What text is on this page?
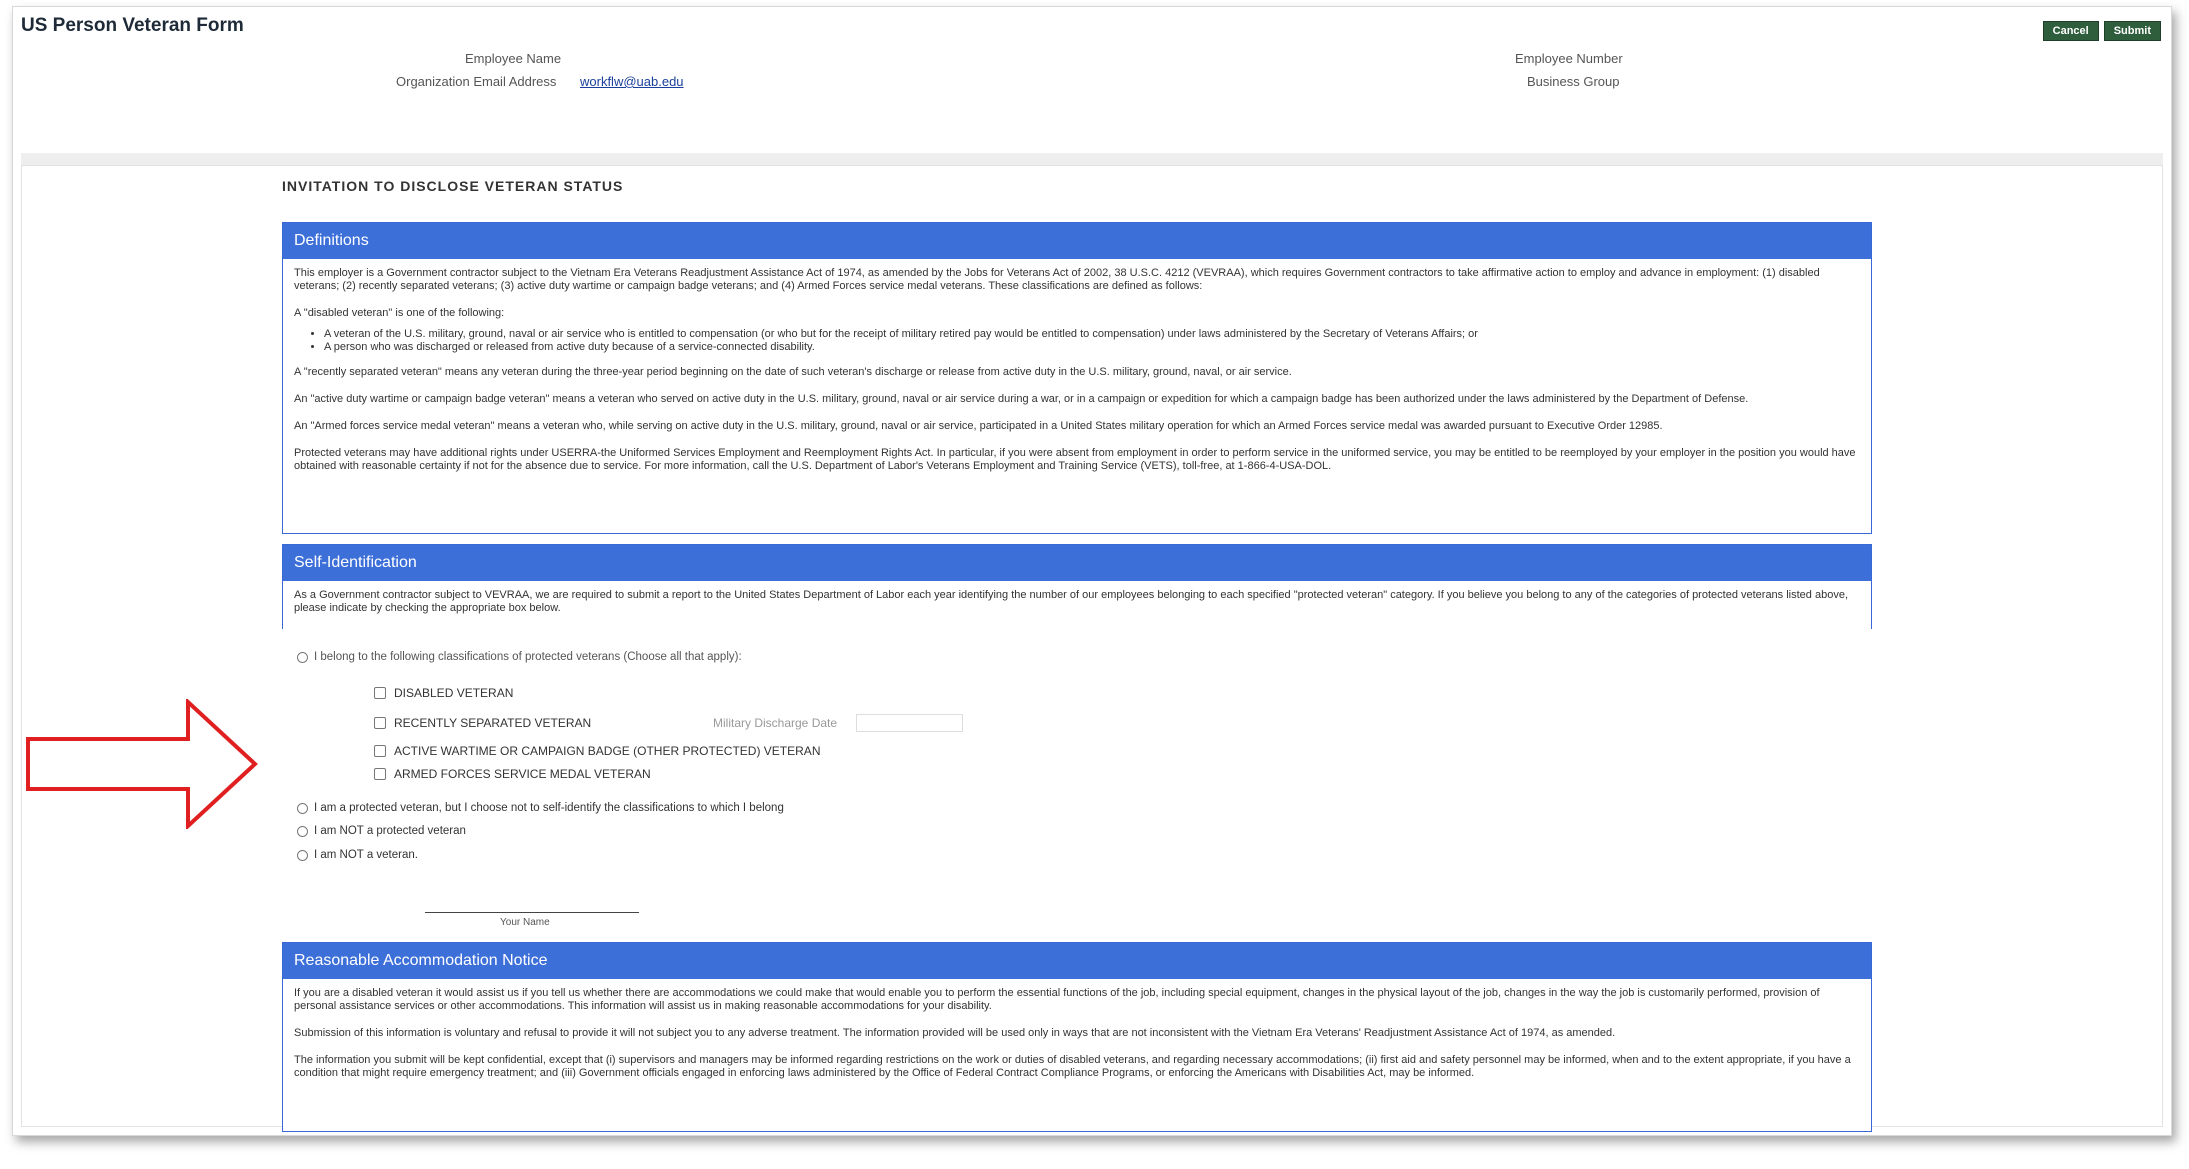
US Person Veteran Form	Cancel	Submit
Employee Name
Organization Email Address workflw@uab.edu
Employee Number
Business Group
INVITATION TO DISCLOSE VETERAN STATUS
Definitions

This employer is a Government contractor subject to the Vietnam Era Veterans Readjustment Assistance Act of 1974, as amended by the Jobs for Veterans Act of 2002, 38 U.S.C. 4212 (VEVRAA), which requires Government contractors to take affirmative action to employ and advance in employment: (1) disabled veterans; (2) recently separated veterans; (3) active duty wartime or campaign badge veterans; and (4) Armed Forces service medal veterans. These classifications are defined as follows:

A "disabled veteran" is one of the following:

• A veteran of the U.S. military, ground, naval or air service who is entitled to compensation (or who but for the receipt of military retired pay would be entitled to compensation) under laws administered by the Secretary of Veterans Affairs; or
• A person who was discharged or released from active duty because of a service-connected disability.

A "recently separated veteran" means any veteran during the three-year period beginning on the date of such veteran's discharge or release from active duty in the U.S. military, ground, naval, or air service.

An "active duty wartime or campaign badge veteran" means a veteran who served on active duty in the U.S. military, ground, naval or air service during a war, or in a campaign or expedition for which a campaign badge has been authorized under the laws administered by the Department of Defense.

An "Armed forces service medal veteran" means a veteran who, while serving on active duty in the U.S. military, ground, naval or air service, participated in a United States military operation for which an Armed Forces service medal was awarded pursuant to Executive Order 12985.

Protected veterans may have additional rights under USERRA-the Uniformed Services Employment and Reemployment Rights Act. In particular, if you were absent from employment in order to perform service in the uniformed service, you may be entitled to be reemployed by your employer in the position you would have obtained with reasonable certainty if not for the absence due to service. For more information, call the U.S. Department of Labor's Veterans Employment and Training Service (VETS), toll-free, at 1-866-4-USA-DOL.

Self-Identification

As a Government contractor subject to VEVRAA, we are required to submit a report to the United States Department of Labor each year identifying the number of our employees belonging to each specified "protected veteran" category. If you believe you belong to any of the categories of protected veterans listed above, please indicate by checking the appropriate box below.

I belong to the following classifications of protected veterans (Choose all that apply):
DISABLED VETERAN
RECENTLY SEPARATED VETERAN	Military Discharge Date
ACTIVE WARTIME OR CAMPAIGN BADGE (OTHER PROTECTED) VETERAN
ARMED FORCES SERVICE MEDAL VETERAN
I am a protected veteran, but I choose not to self-identify the classifications to which I belong
I am NOT a protected veteran
I am NOT a veteran.
Your Name
Reasonable Accommodation Notice

If you are a disabled veteran it would assist us if you tell us whether there are accommodations we could make that would enable you to perform the essential functions of the job, including special equipment, changes in the physical layout of the job, changes in the way the job is customarily performed, provision of personal assistance services or other accommodations. This information will assist us in making reasonable accommodations for your disability.

Submission of this information is voluntary and refusal to provide it will not subject you to any adverse treatment. The information provided will be used only in ways that are not inconsistent with the Vietnam Era Veterans' Readjustment Assistance Act of 1974, as amended.

The information you submit will be kept confidential, except that (i) supervisors and managers may be informed regarding restrictions on the work or duties of disabled veterans, and regarding necessary accommodations; (ii) first aid and safety personnel may be informed, when and to the extent appropriate, if you have a condition that might require emergency treatment; and (iii) Government officials engaged in enforcing laws administered by the Office of Federal Contract Compliance Programs, or enforcing the Americans with Disabilities Act, may be informed.
